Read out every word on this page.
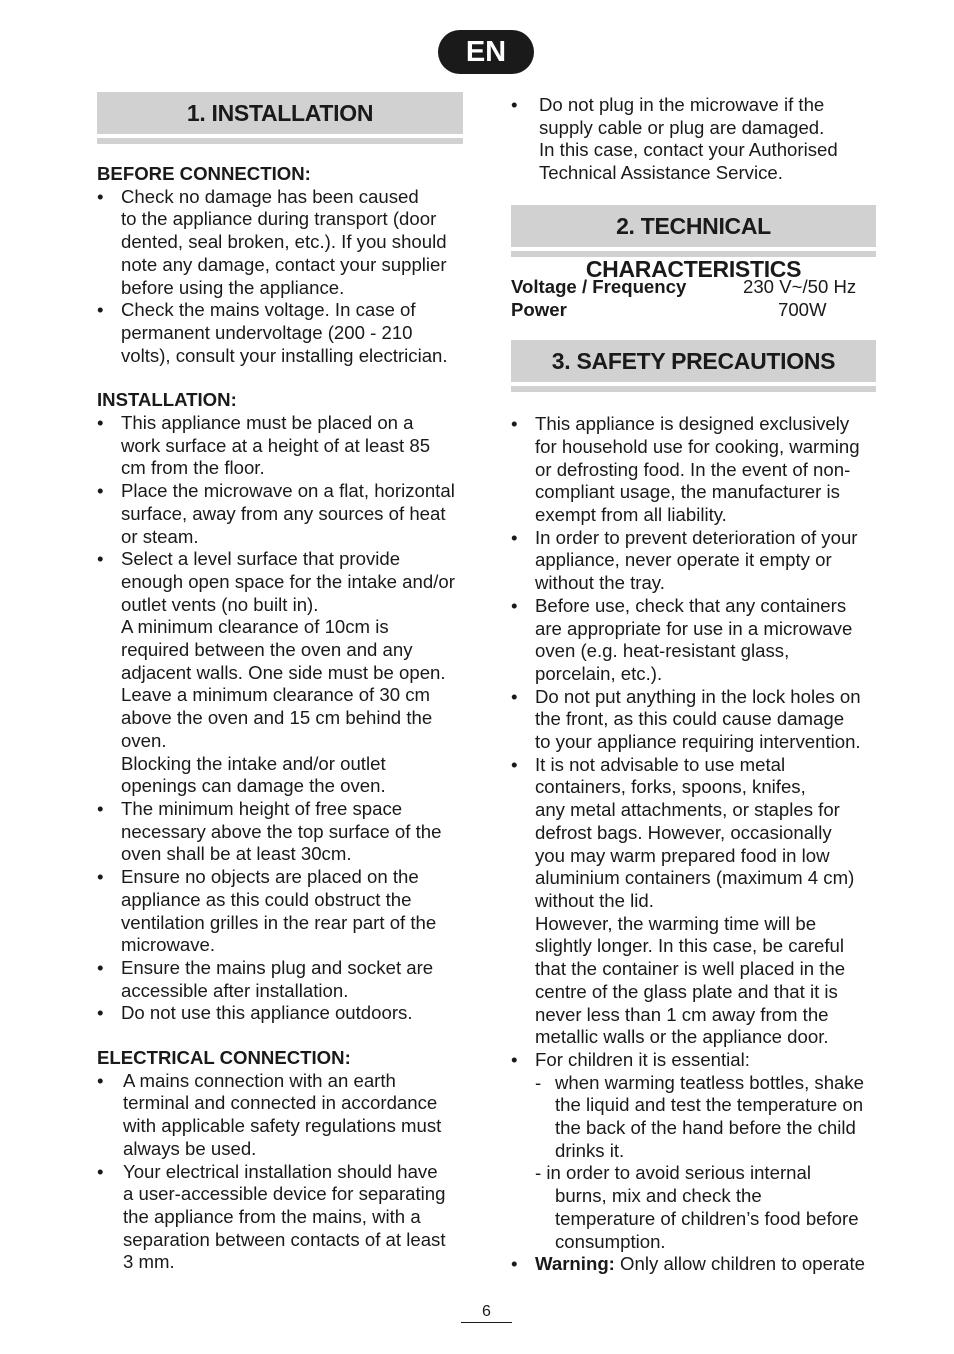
EN
1. INSTALLATION

BEFORE CONNECTION:

• Check no damage has been caused
to the appliance during transport (door
dented, seal broken, etc.). If you should
note any damage, contact your supplier
before using the appliance.
• Check the mains voltage. In case of
permanent undervoltage (200 - 210
volts), consult your installing electrician.

INSTALLATION:

• This appliance must be placed on a
work surface at a height of at least 85
cm from the floor.
• Place the microwave on a flat, horizontal
surface, away from any sources of heat
or steam.
• Select a level surface that provide
enough open space for the intake and/or
outlet vents (no built in).
A minimum clearance of 10cm is
required between the oven and any
adjacent walls. One side must be open.
Leave a minimum clearance of 30 cm
above the oven and 15 cm behind the
oven.
Blocking the intake and/or outlet
openings can damage the oven.
• The minimum height of free space
necessary above the top surface of the
oven shall be at least 30cm.
• Ensure no objects are placed on the
appliance as this could obstruct the
ventilation grilles in the rear part of the
microwave.
• Ensure the mains plug and socket are
accessible after installation.
• Do not use this appliance outdoors.

ELECTRICAL CONNECTION:

• A mains connection with an earth
terminal and connected in accordance
with applicable safety regulations must
always be used.
• Your electrical installation should have
a user-accessible device for separating
the appliance from the mains, with a
separation between contacts of at least
3 mm.
• Do not plug in the microwave if the
supply cable or plug are damaged.
In this case, contact your Authorised
Technical Assistance Service.
2. TECHNICAL CHARACTERISTICS
Voltage / Frequency	230 V~/50 Hz
Power	700W
3. SAFETY PRECAUTIONS
• This appliance is designed exclusively
for household use for cooking, warming
or defrosting food. In the event of non-
compliant usage, the manufacturer is
exempt from all liability.
• In order to prevent deterioration of your
appliance, never operate it empty or
without the tray.
• Before use, check that any containers
are appropriate for use in a microwave
oven (e.g. heat-resistant glass,
porcelain, etc.).
• Do not put anything in the lock holes on
the front, as this could cause damage
to your appliance requiring intervention.
• It is not advisable to use metal
containers, forks, spoons, knifes,
any metal attachments, or staples for
defrost bags. However, occasionally
you may warm prepared food in low
aluminium containers (maximum 4 cm)
without the lid.
However, the warming time will be
slightly longer. In this case, be careful
that the container is well placed in the
centre of the glass plate and that it is
never less than 1 cm away from the
metallic walls or the appliance door.
• For children it is essential:
- when warming teatless bottles, shake
the liquid and test the temperature on
the back of the hand before the child
drinks it.
- in order to avoid serious internal
burns, mix and check the
temperature of children’s food before
consumption.
• Warning: Only allow children to operate
6
